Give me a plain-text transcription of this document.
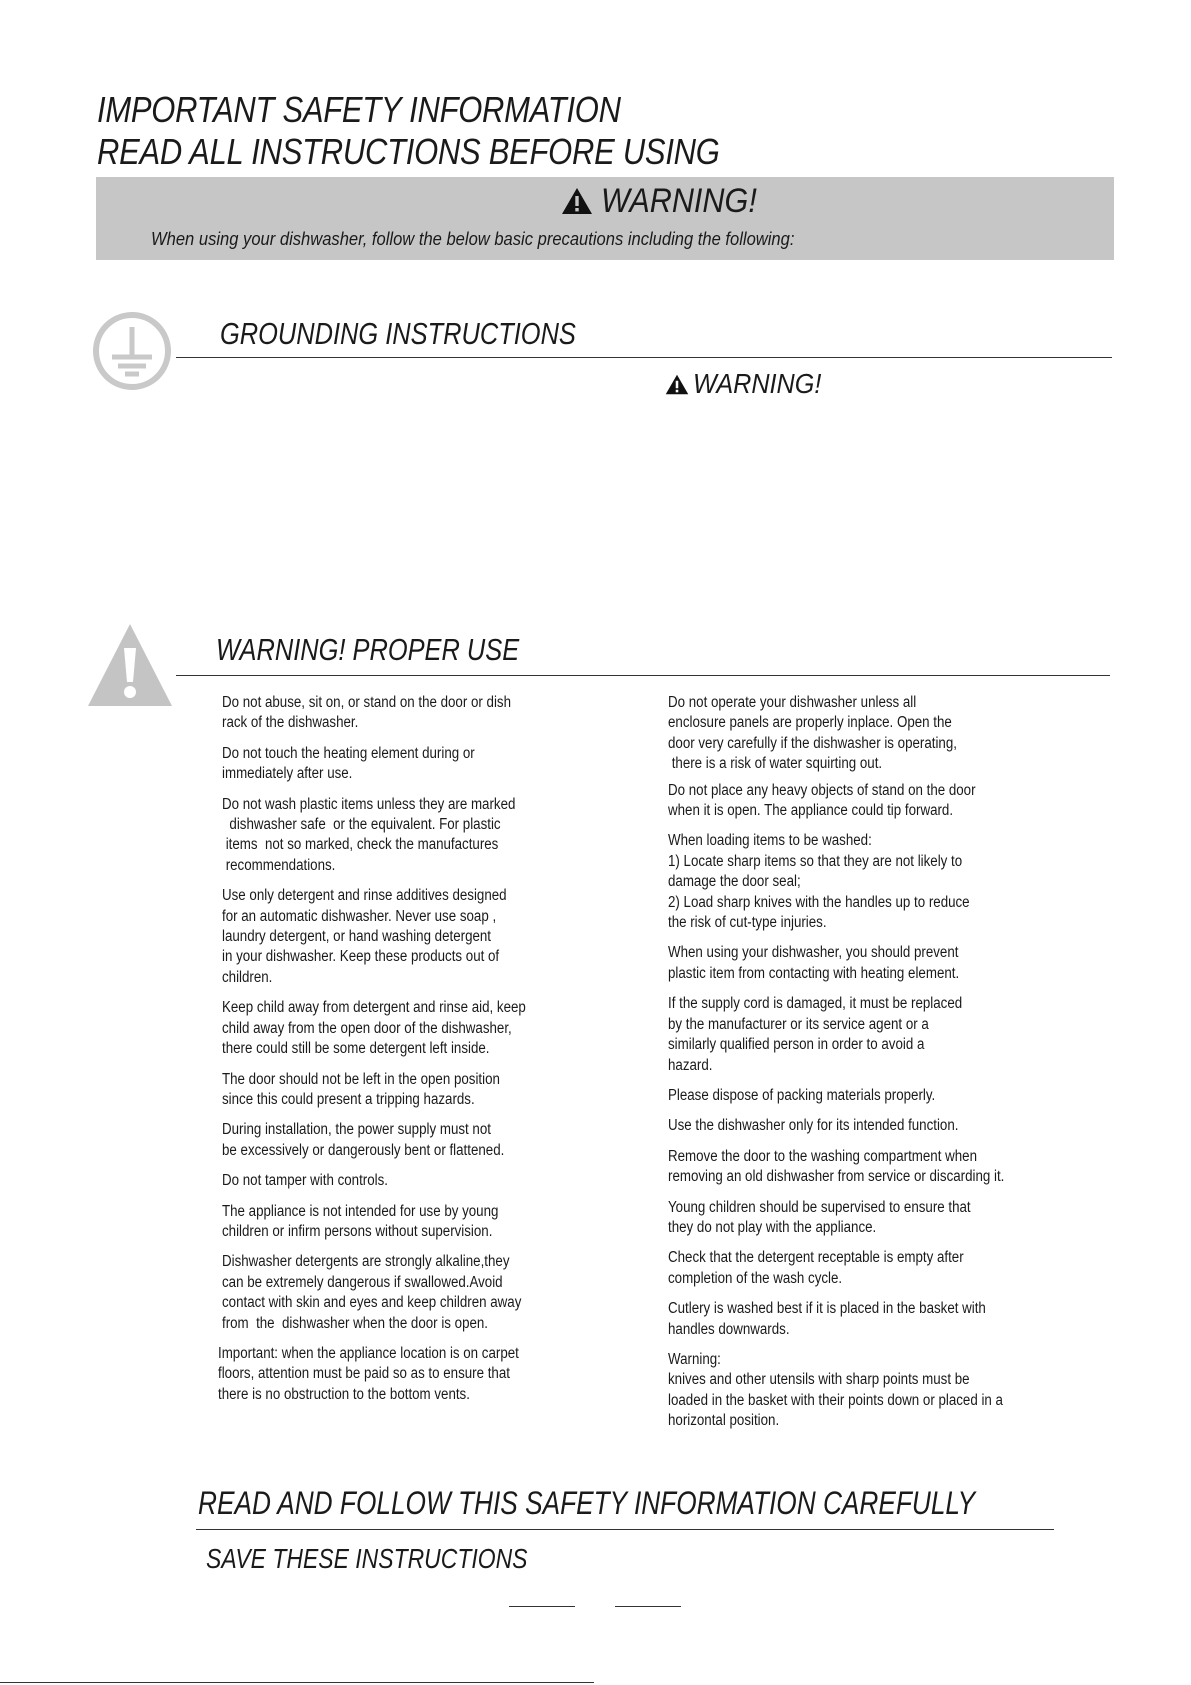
IMPORTANT SAFETY INFORMATION
READ ALL INSTRUCTIONS BEFORE USING
WARNING!
When using your dishwasher, follow the below basic precautions including the following:
GROUNDING INSTRUCTIONS
WARNING!
WARNING! PROPER USE

Do not abuse, sit on, or stand on the door or dish

rack of the dishwasher.

Do not touch the heating element during or

immediately after use.

Do not wash plastic items unless they are marked

dishwasher safe  or the equivalent. For plastic

items  not so marked, check the manufactures

recommendations.

Use only detergent and rinse additives designed

for an automatic dishwasher. Never use soap ,

laundry detergent, or hand washing detergent

in your dishwasher. Keep these products out of

children.

Keep child away from detergent and rinse aid, keep

child away from the open door of the dishwasher,

there could still be some detergent left inside.

The door should not be left in the open position

since this could present a tripping hazards.

During installation, the power supply must not

be excessively or dangerously bent or flattened.

Do not tamper with controls.

The appliance is not intended for use by young

children or infirm persons without supervision.

Dishwasher detergents are strongly alkaline,they

can be extremely dangerous if swallowed.Avoid

contact with skin and eyes and keep children away

from  the  dishwasher when the door is open.

Important: when the appliance location is on carpet

floors, attention must be paid so as to ensure that

there is no obstruction to the bottom vents.

Do not operate your dishwasher unless all

enclosure panels are properly inplace. Open the

door very carefully if the dishwasher is operating,

there is a risk of water squirting out.

Do not place any heavy objects of stand on the door

when it is open. The appliance could tip forward.

When loading items to be washed:

1) Locate sharp items so that they are not likely to

damage the door seal;

2) Load sharp knives with the handles up to reduce

the risk of cut-type injuries.

When using your dishwasher, you should prevent

plastic item from contacting with heating element.

If the supply cord is damaged, it must be replaced

by the manufacturer or its service agent or a

similarly qualified person in order to avoid a

hazard.

Please dispose of packing materials properly.

Use the dishwasher only for its intended function.

Remove the door to the washing compartment when

removing an old dishwasher from service or discarding it.

Young children should be supervised to ensure that

they do not play with the appliance.

Check that the detergent receptable is empty after

completion of the wash cycle.

Cutlery is washed best if it is placed in the basket with

handles downwards.

Warning:

knives and other utensils with sharp points must be

loaded in the basket with their points down or placed in a

horizontal position.

READ AND FOLLOW THIS SAFETY INFORMATION CAREFULLY
SAVE THESE INSTRUCTIONS
